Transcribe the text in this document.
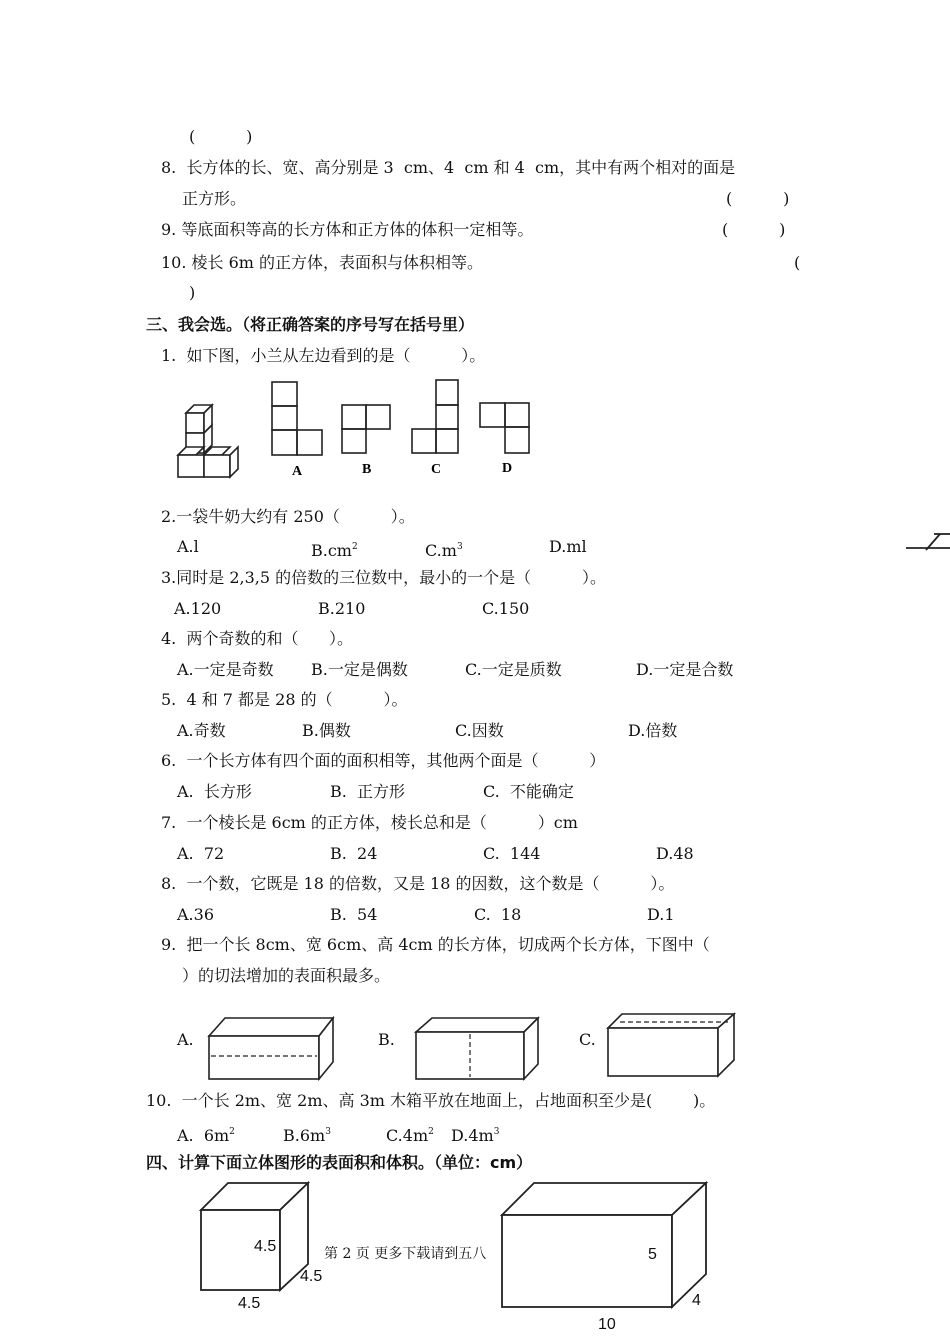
(          )
8.  长方体的长、宽、高分别是 3  cm、4  cm 和 4  cm，其中有两个相对的面是
正方形。	(          )
9. 等底面积等高的长方体和正方体的体积一定相等。	(          )
10. 棱长 6m 的正方体，表面积与体积相等。	(
)
三、我会选。（将正确答案的序号写在括号里）
1.  如下图，小兰从左边看到的是（          ）。
A	B	C	D
2.一袋牛奶大约有 250（          ）。
A.l	$B.cm^2$	$C.m^3$	D.ml
3.同时是 2,3,5 的倍数的三位数中，最小的一个是（          ）。
A.120	B.210	C.150
4.  两个奇数的和（      ）。
A.一定是奇数 B.一定是偶数	C.一定是质数	D.一定是合数
5.  4 和 7 都是 28 的（          ）。
A.奇数	B.偶数	C.因数	D.倍数
6.  一个长方体有四个面的面积相等，其他两个面是（          ）
A.  长方形	B.  正方形	C.  不能确定
7.  一个棱长是 6cm 的正方体，棱长总和是（          ）cm
A.  72	B.  24	C.  144	D.48
8.  一个数，它既是 18 的倍数，又是 18 的因数，这个数是（          ）。
A.36	B.  54	C.  18	D.1
9.  把一个长 8cm、宽 6cm、高 4cm 的长方体，切成两个长方体，下图中（
）的切法增加的表面积最多。
A.	B.	C.
10.  一个长 2m、宽 2m、高 3m 木箱平放在地面上，占地面积至少是(        )。
A.  $6m^2$	$B.6m^3$	$C.4m^2$ $D.4m^3$
四、计算下面立体图形的表面积和体积。（单位：cm）
4.5
4.5
4.5
5
4
10
第 2 页 更多下载请到五八
